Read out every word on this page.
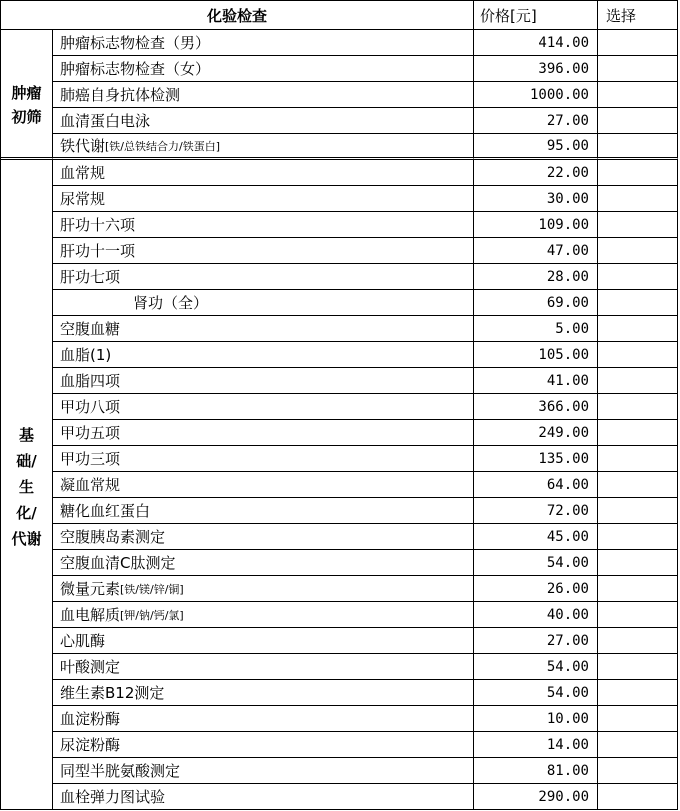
化验检查	价格[元]	选择
肿瘤
初筛
肿瘤标志物检查（男）	414.00
肿瘤标志物检查（女）	396.00
肺癌自身抗体检测	1000.00
血清蛋白电泳	27.00
铁代谢 [铁/总铁结合力/铁蛋白]	95.00
基
础/
生
化/
代谢
血常规	22.00
尿常规	30.00
肝功十六项	109.00
肝功十一项	47.00
肝功七项	28.00
肾功（全）	69.00
空腹血糖	5.00
血脂(1)	105.00
血脂四项	41.00
甲功八项	366.00
甲功五项	249.00
甲功三项	135.00
凝血常规	64.00
糖化血红蛋白	72.00
空腹胰岛素测定	45.00
空腹血清C肽测定	54.00
微量元素 [铁/镁/锌/铜]	26.00
血电解质 [钾/钠/钙/氯]	40.00
心肌酶	27.00
叶酸测定	54.00
维生素B12测定	54.00
血淀粉酶	10.00
尿淀粉酶	14.00
同型半胱氨酸测定	81.00
血栓弹力图试验	290.00
